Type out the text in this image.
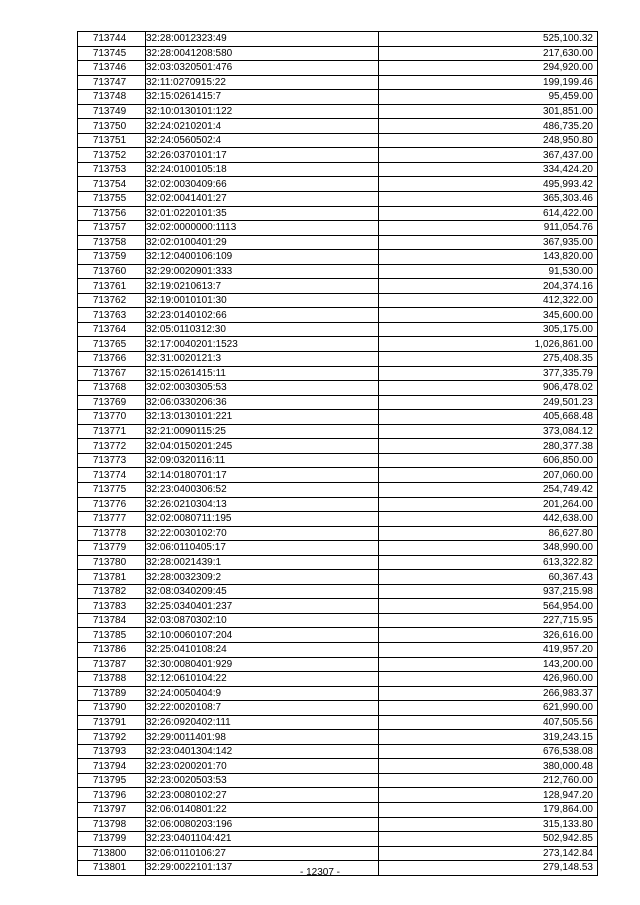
713744	32:28:0012323:49	525,100.32
713745	32:28:0041208:580	217,630.00
713746	32:03:0320501:476	294,920.00
713747	32:11:0270915:22	199,199.46
713748	32:15:0261415:7	95,459.00
713749	32:10:0130101:122	301,851.00
713750	32:24:0210201:4	486,735.20
713751	32:24:0560502:4	248,950.80
713752	32:26:0370101:17	367,437.00
713753	32:24:0100105:18	334,424.20
713754	32:02:0030409:66	495,993.42
713755	32:02:0041401:27	365,303.46
713756	32:01:0220101:35	614,422.00
713757	32:02:0000000:1113	911,054.76
713758	32:02:0100401:29	367,935.00
713759	32:12:0400106:109	143,820.00
713760	32:29:0020901:333	91,530.00
713761	32:19:0210613:7	204,374.16
713762	32:19:0010101:30	412,322.00
713763	32:23:0140102:66	345,600.00
713764	32:05:0110312:30	305,175.00
713765	32:17:0040201:1523	1,026,861.00
713766	32:31:0020121:3	275,408.35
713767	32:15:0261415:11	377,335.79
713768	32:02:0030305:53	906,478.02
713769	32:06:0330206:36	249,501.23
713770	32:13:0130101:221	405,668.48
713771	32:21:0090115:25	373,084.12
713772	32:04:0150201:245	280,377.38
713773	32:09:0320116:11	606,850.00
713774	32:14:0180701:17	207,060.00
713775	32:23:0400306:52	254,749.42
713776	32:26:0210304:13	201,264.00
713777	32:02:0080711:195	442,638.00
713778	32:22:0030102:70	86,627.80
713779	32:06:0110405:17	348,990.00
713780	32:28:0021439:1	613,322.82
713781	32:28:0032309:2	60,367.43
713782	32:08:0340209:45	937,215.98
713783	32:25:0340401:237	564,954.00
713784	32:03:0870302:10	227,715.95
713785	32:10:0060107:204	326,616.00
713786	32:25:0410108:24	419,957.20
713787	32:30:0080401:929	143,200.00
713788	32:12:0610104:22	426,960.00
713789	32:24:0050404:9	266,983.37
713790	32:22:0020108:7	621,990.00
713791	32:26:0920402:111	407,505.56
713792	32:29:0011401:98	319,243.15
713793	32:23:0401304:142	676,538.08
713794	32:23:0200201:70	380,000.48
713795	32:23:0020503:53	212,760.00
713796	32:23:0080102:27	128,947.20
713797	32:06:0140801:22	179,864.00
713798	32:06:0080203:196	315,133.80
713799	32:23:0401104:421	502,942.85
713800	32:06:0110106:27	273,142.84
713801	32:29:0022101:137	279,148.53
- 12307 -
